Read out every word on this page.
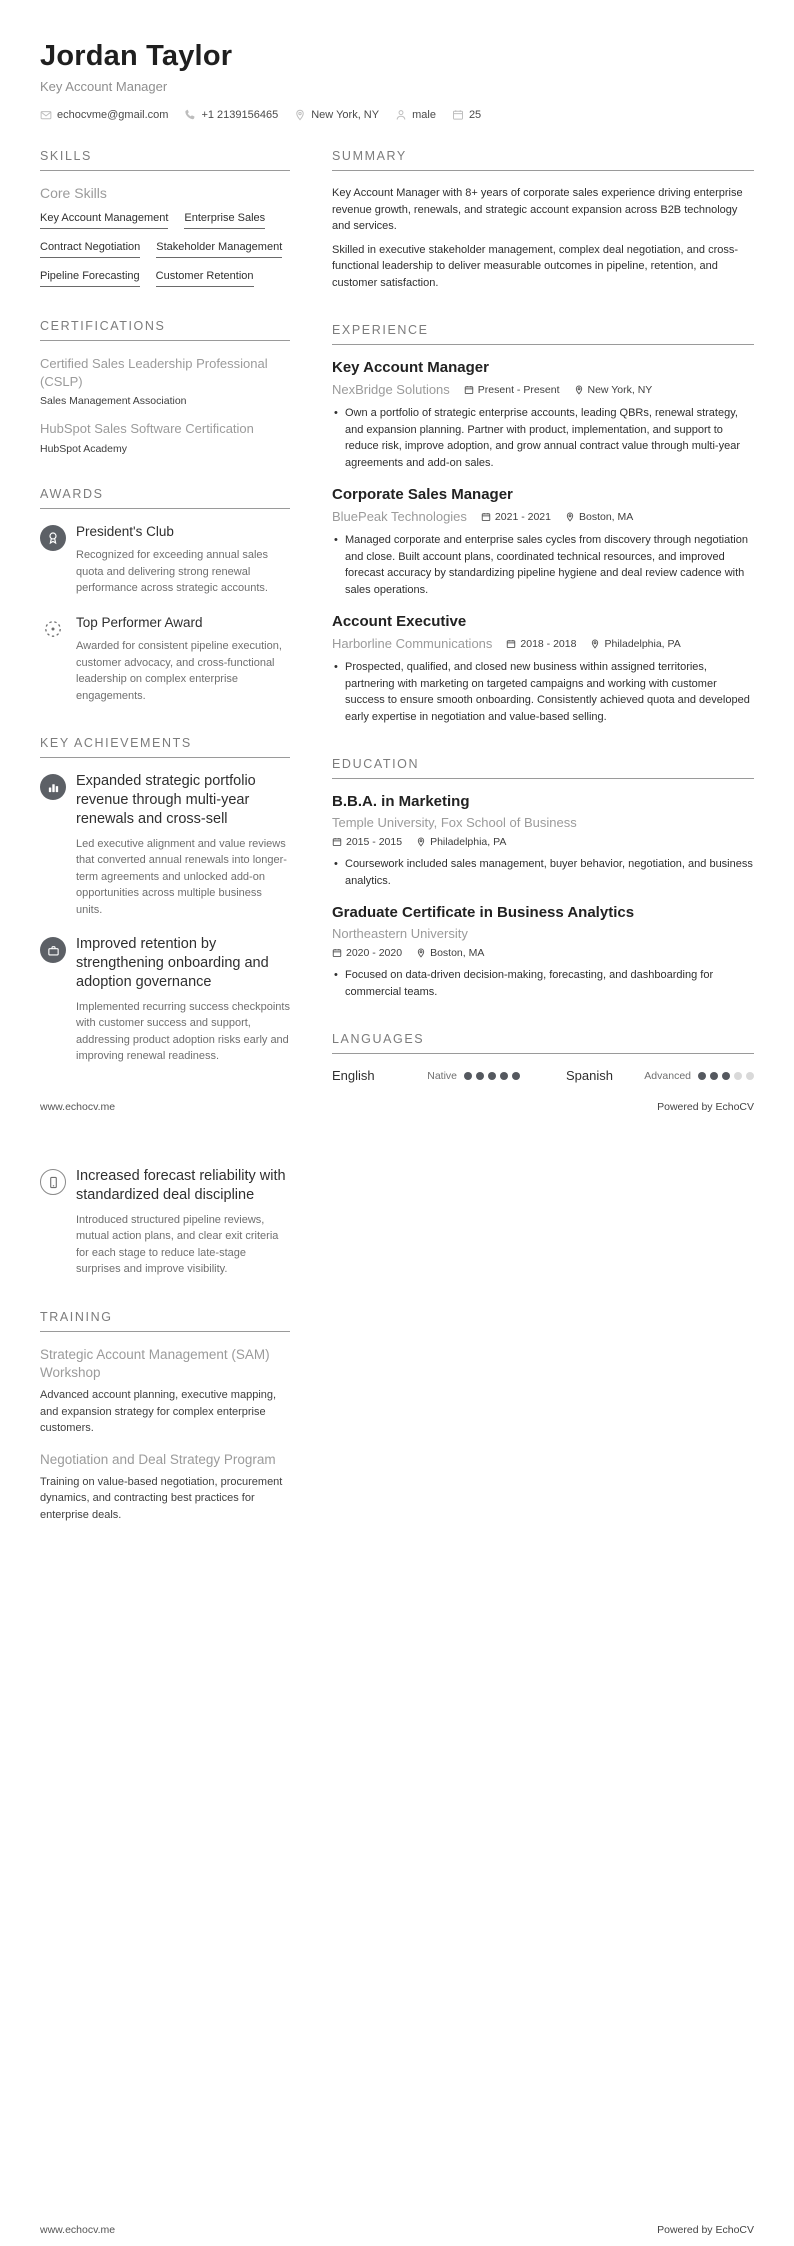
Jordan Taylor
Key Account Manager
echocvme@gmail.com	+1 2139156465	New York, NY	male	25
SKILLS
Core Skills
Key Account Management Enterprise Sales
Contract Negotiation Stakeholder Management
Pipeline Forecasting Customer Retention
CERTIFICATIONS
Certified Sales Leadership Professional (CSLP)
Sales Management Association
HubSpot Sales Software Certification
HubSpot Academy
AWARDS
President's Club
Recognized for exceeding annual sales quota and delivering strong renewal performance across strategic accounts.
Top Performer Award
Awarded for consistent pipeline execution, customer advocacy, and cross-functional leadership on complex enterprise engagements.
KEY ACHIEVEMENTS
Expanded strategic portfolio revenue through multi-year renewals and cross-sell
Led executive alignment and value reviews that converted annual renewals into longer-term agreements and unlocked add-on opportunities across multiple business units.
Improved retention by strengthening onboarding and adoption governance
Implemented recurring success checkpoints with customer success and support, addressing product adoption risks early and improving renewal readiness.
SUMMARY

Key Account Manager with 8+ years of corporate sales experience driving enterprise revenue growth, renewals, and strategic account expansion across B2B technology and services.

Skilled in executive stakeholder management, complex deal negotiation, and cross-functional leadership to deliver measurable outcomes in pipeline, retention, and customer satisfaction.

EXPERIENCE
Key Account Manager
NexBridge Solutions	Present - Present	New York, NY
• Own a portfolio of strategic enterprise accounts, leading QBRs, renewal strategy, and expansion planning. Partner with product, implementation, and support to reduce risk, improve adoption, and grow annual contract value through multi-year agreements and add-on sales.
Corporate Sales Manager
BluePeak Technologies	2021 - 2021	Boston, MA
• Managed corporate and enterprise sales cycles from discovery through negotiation and close. Built account plans, coordinated technical resources, and improved forecast accuracy by standardizing pipeline hygiene and deal review cadence with sales operations.
Account Executive
Harborline Communications	2018 - 2018	Philadelphia, PA
• Prospected, qualified, and closed new business within assigned territories, partnering with marketing on targeted campaigns and working with customer success to ensure smooth onboarding. Consistently achieved quota and developed early expertise in negotiation and value-based selling.
EDUCATION
B.B.A. in Marketing
Temple University, Fox School of Business
2015 - 2015	Philadelphia, PA
• Coursework included sales management, buyer behavior, negotiation, and business analytics.
Graduate Certificate in Business Analytics
Northeastern University
2020 - 2020	Boston, MA
• Focused on data-driven decision-making, forecasting, and dashboarding for commercial teams.
LANGUAGES
English	Native	Spanish	Advanced
www.echocv.me	Powered by EchoCV
Increased forecast reliability with standardized deal discipline
Introduced structured pipeline reviews, mutual action plans, and clear exit criteria for each stage to reduce late-stage surprises and improve visibility.
TRAINING
Strategic Account Management (SAM) Workshop
Advanced account planning, executive mapping, and expansion strategy for complex enterprise customers.
Negotiation and Deal Strategy Program
Training on value-based negotiation, procurement dynamics, and contracting best practices for enterprise deals.
www.echocv.me	Powered by EchoCV
